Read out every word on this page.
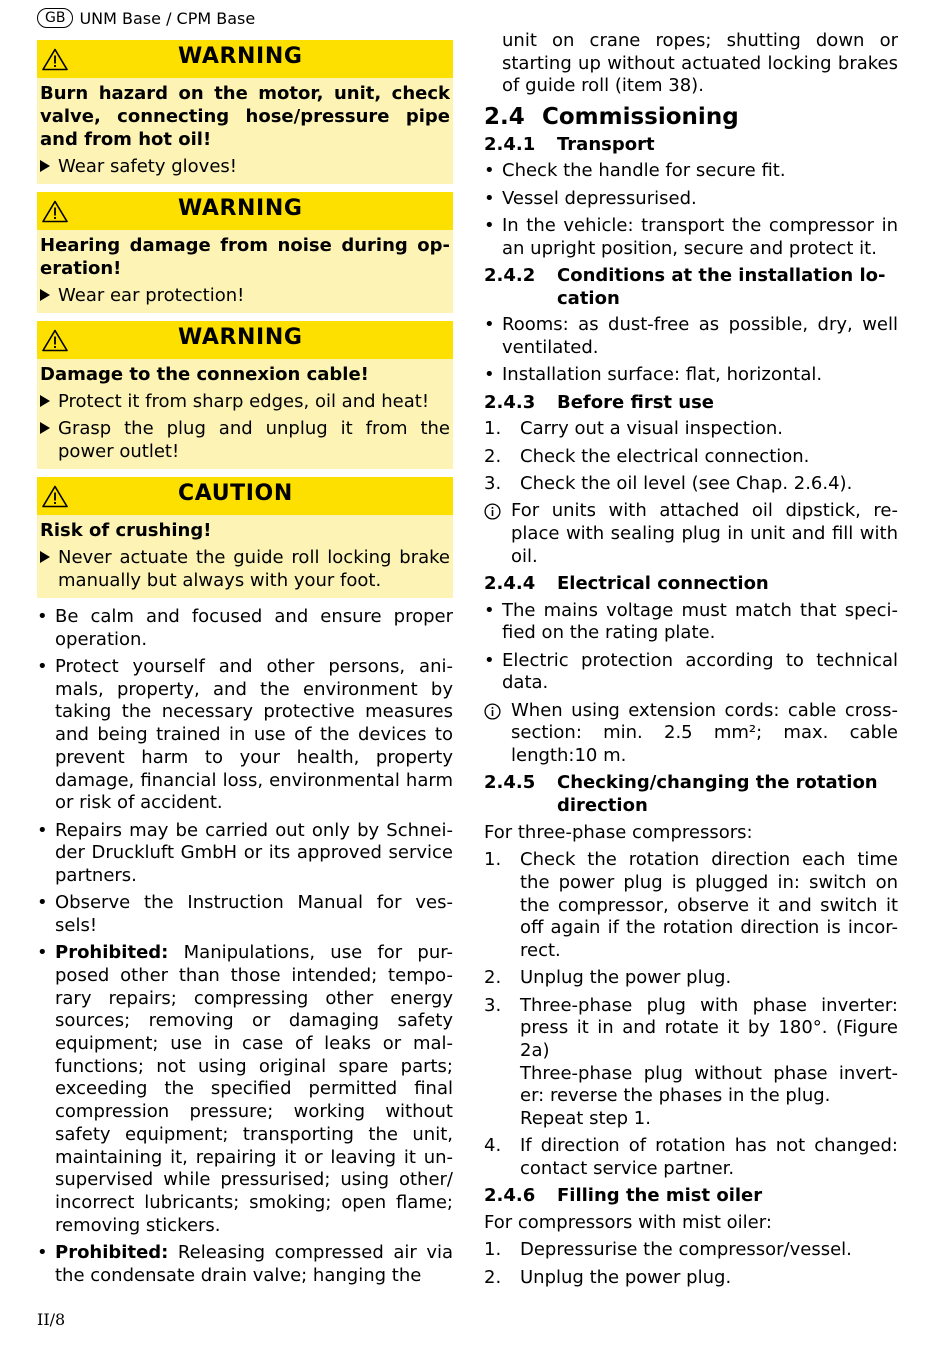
GB UNM Base / CPM Base
WARNING
Burn hazard on the motor, unit, check valve, connecting hose/pressure pipe and from hot oil!
Wear safety gloves!
WARNING
Hearing damage from noise during op-eration!
Wear ear protection!
WARNING
Damage to the connexion cable!
Protect it from sharp edges, oil and heat!
Grasp the plug and unplug it from the power outlet!
CAUTION
Risk of crushing!
Never actuate the guide roll locking brake manually but always with your foot.
• Be calm and focused and ensure proper operation.
• Protect yourself and other persons, ani-mals, property, and the environment by taking the necessary protective measures and being trained in use of the devices to prevent harm to your health, property damage, financial loss, environmental harm or risk of accident.
• Repairs may be carried out only by Schnei-der Druckluft GmbH or its approved service partners.
• Observe the Instruction Manual for ves-sels!
• Prohibited: Manipulations, use for pur-posed other than those intended; tempo-rary repairs; compressing other energy sources; removing or damaging safety equipment; use in case of leaks or mal-functions; not using original spare parts; exceeding the specified permitted final compression pressure; working without safety equipment; transporting the unit, maintaining it, repairing it or leaving it un-supervised while pressurised; using other/ incorrect lubricants; smoking; open flame; removing stickers.
• Prohibited: Releasing compressed air via the condensate drain valve; hanging the
unit on crane ropes; shutting down or starting up without actuated locking brakes of guide roll (item 38).
2.4 Commissioning
2.4.1	Transport
• Check the handle for secure fit.
• Vessel depressurised.
• In the vehicle: transport the compressor in an upright position, secure and protect it.
2.4.2	Conditions at the installation lo-
cation
• Rooms: as dust-free as possible, dry, well ventilated.
• Installation surface: flat, horizontal.
2.4.3	Before first use
1.	Carry out a visual inspection.
2.	Check the electrical connection.
3.	Check the oil level (see Chap. 2.6.4).
For units with attached oil dipstick, re-place with sealing plug in unit and fill with oil.
2.4.4	Electrical connection
• The mains voltage must match that speci-fied on the rating plate.
• Electric protection according to technical data.
When using extension cords: cable cross-section: min. 2.5 mm²; max. cable length:10 m.
2.4.5	Checking/changing the rotation
direction
For three-phase compressors:
1.	Check the rotation direction each time the power plug is plugged in: switch on the compressor, observe it and switch it off again if the rotation direction is incor-rect.
2.	Unplug the power plug.
3.	Three-phase plug with phase inverter: press it in and rotate it by 180°. (Figure 2a)
Three-phase plug without phase invert-er: reverse the phases in the plug.
Repeat step 1.
4.	If direction of rotation has not changed: contact service partner.
2.4.6	Filling the mist oiler
For compressors with mist oiler:
1.	Depressurise the compressor/vessel.
2.	Unplug the power plug.
II/8
